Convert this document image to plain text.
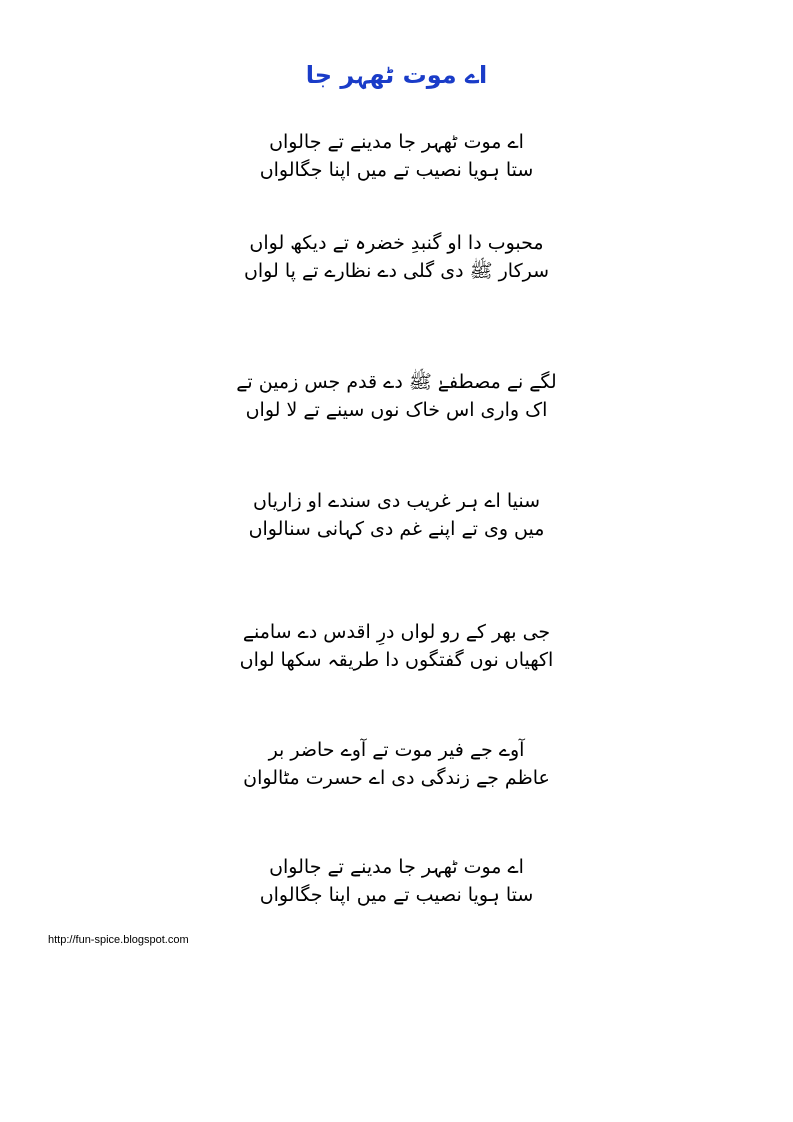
اے موت ٹھہر جا
اے موت ٹھہر جا مدینے تے جالواں
ستا ہویا نصیب تے میں اپنا جگالواں
محبوب دا او گنبدِ خضرہ تے دیکھ لواں
سرکار ﷺ دی گلی دے نظارے تے پا لواں
لگے نے مصطفےٰ ﷺ دے قدم جس زمین تے
اک واری اس خاک نوں سینے تے لا لواں
سنیا اے ہر غریب دی سندے او زاریاں
میں وی تے اپنے غم دی کہانی سنالواں
جی بھر کے رو لواں درِ اقدس دے سامنے
اکھیاں نوں گفتگوں دا طریقہ سکھا لواں
آوے جے فیر موت تے آوے حاضر بر
عاظم جے زندگی دی اے حسرت مٹالوان
اے موت ٹھہر جا مدینے تے جالواں
ستا ہویا نصیب تے میں اپنا جگالواں
http://fun-spice.blogspot.com
